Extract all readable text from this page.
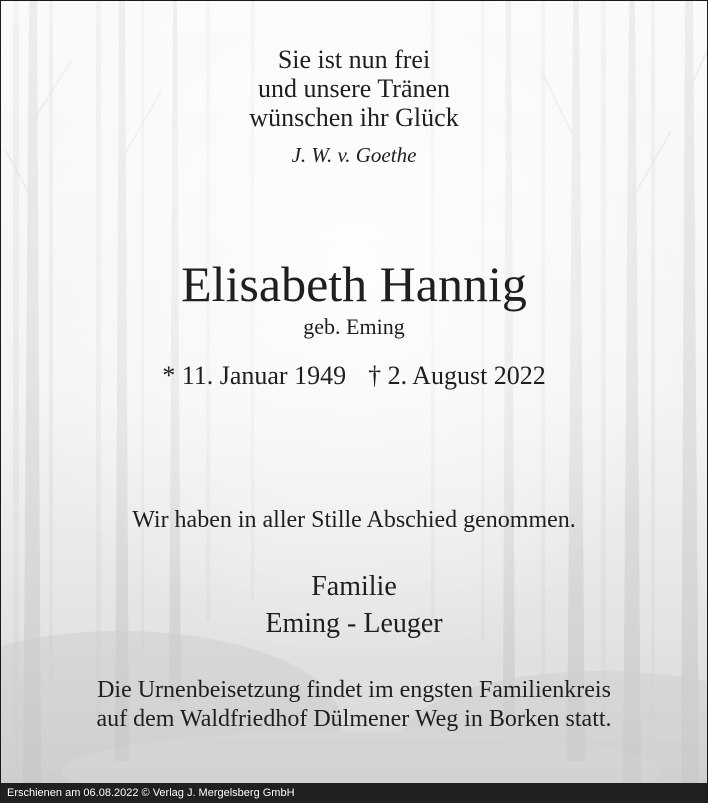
Sie ist nun frei
und unsere Tränen
wünschen ihr Glück
J. W. v. Goethe
Elisabeth Hannig
geb. Eming
* 11. Januar 1949 † 2. August 2022
Wir haben in aller Stille Abschied genommen.
Familie
Eming - Leuger
Die Urnenbeisetzung findet im engsten Familienkreis
auf dem Waldfriedhof Dülmener Weg in Borken statt.
Erschienen am 06.08.2022 © Verlag J. Mergelsberg GmbH
